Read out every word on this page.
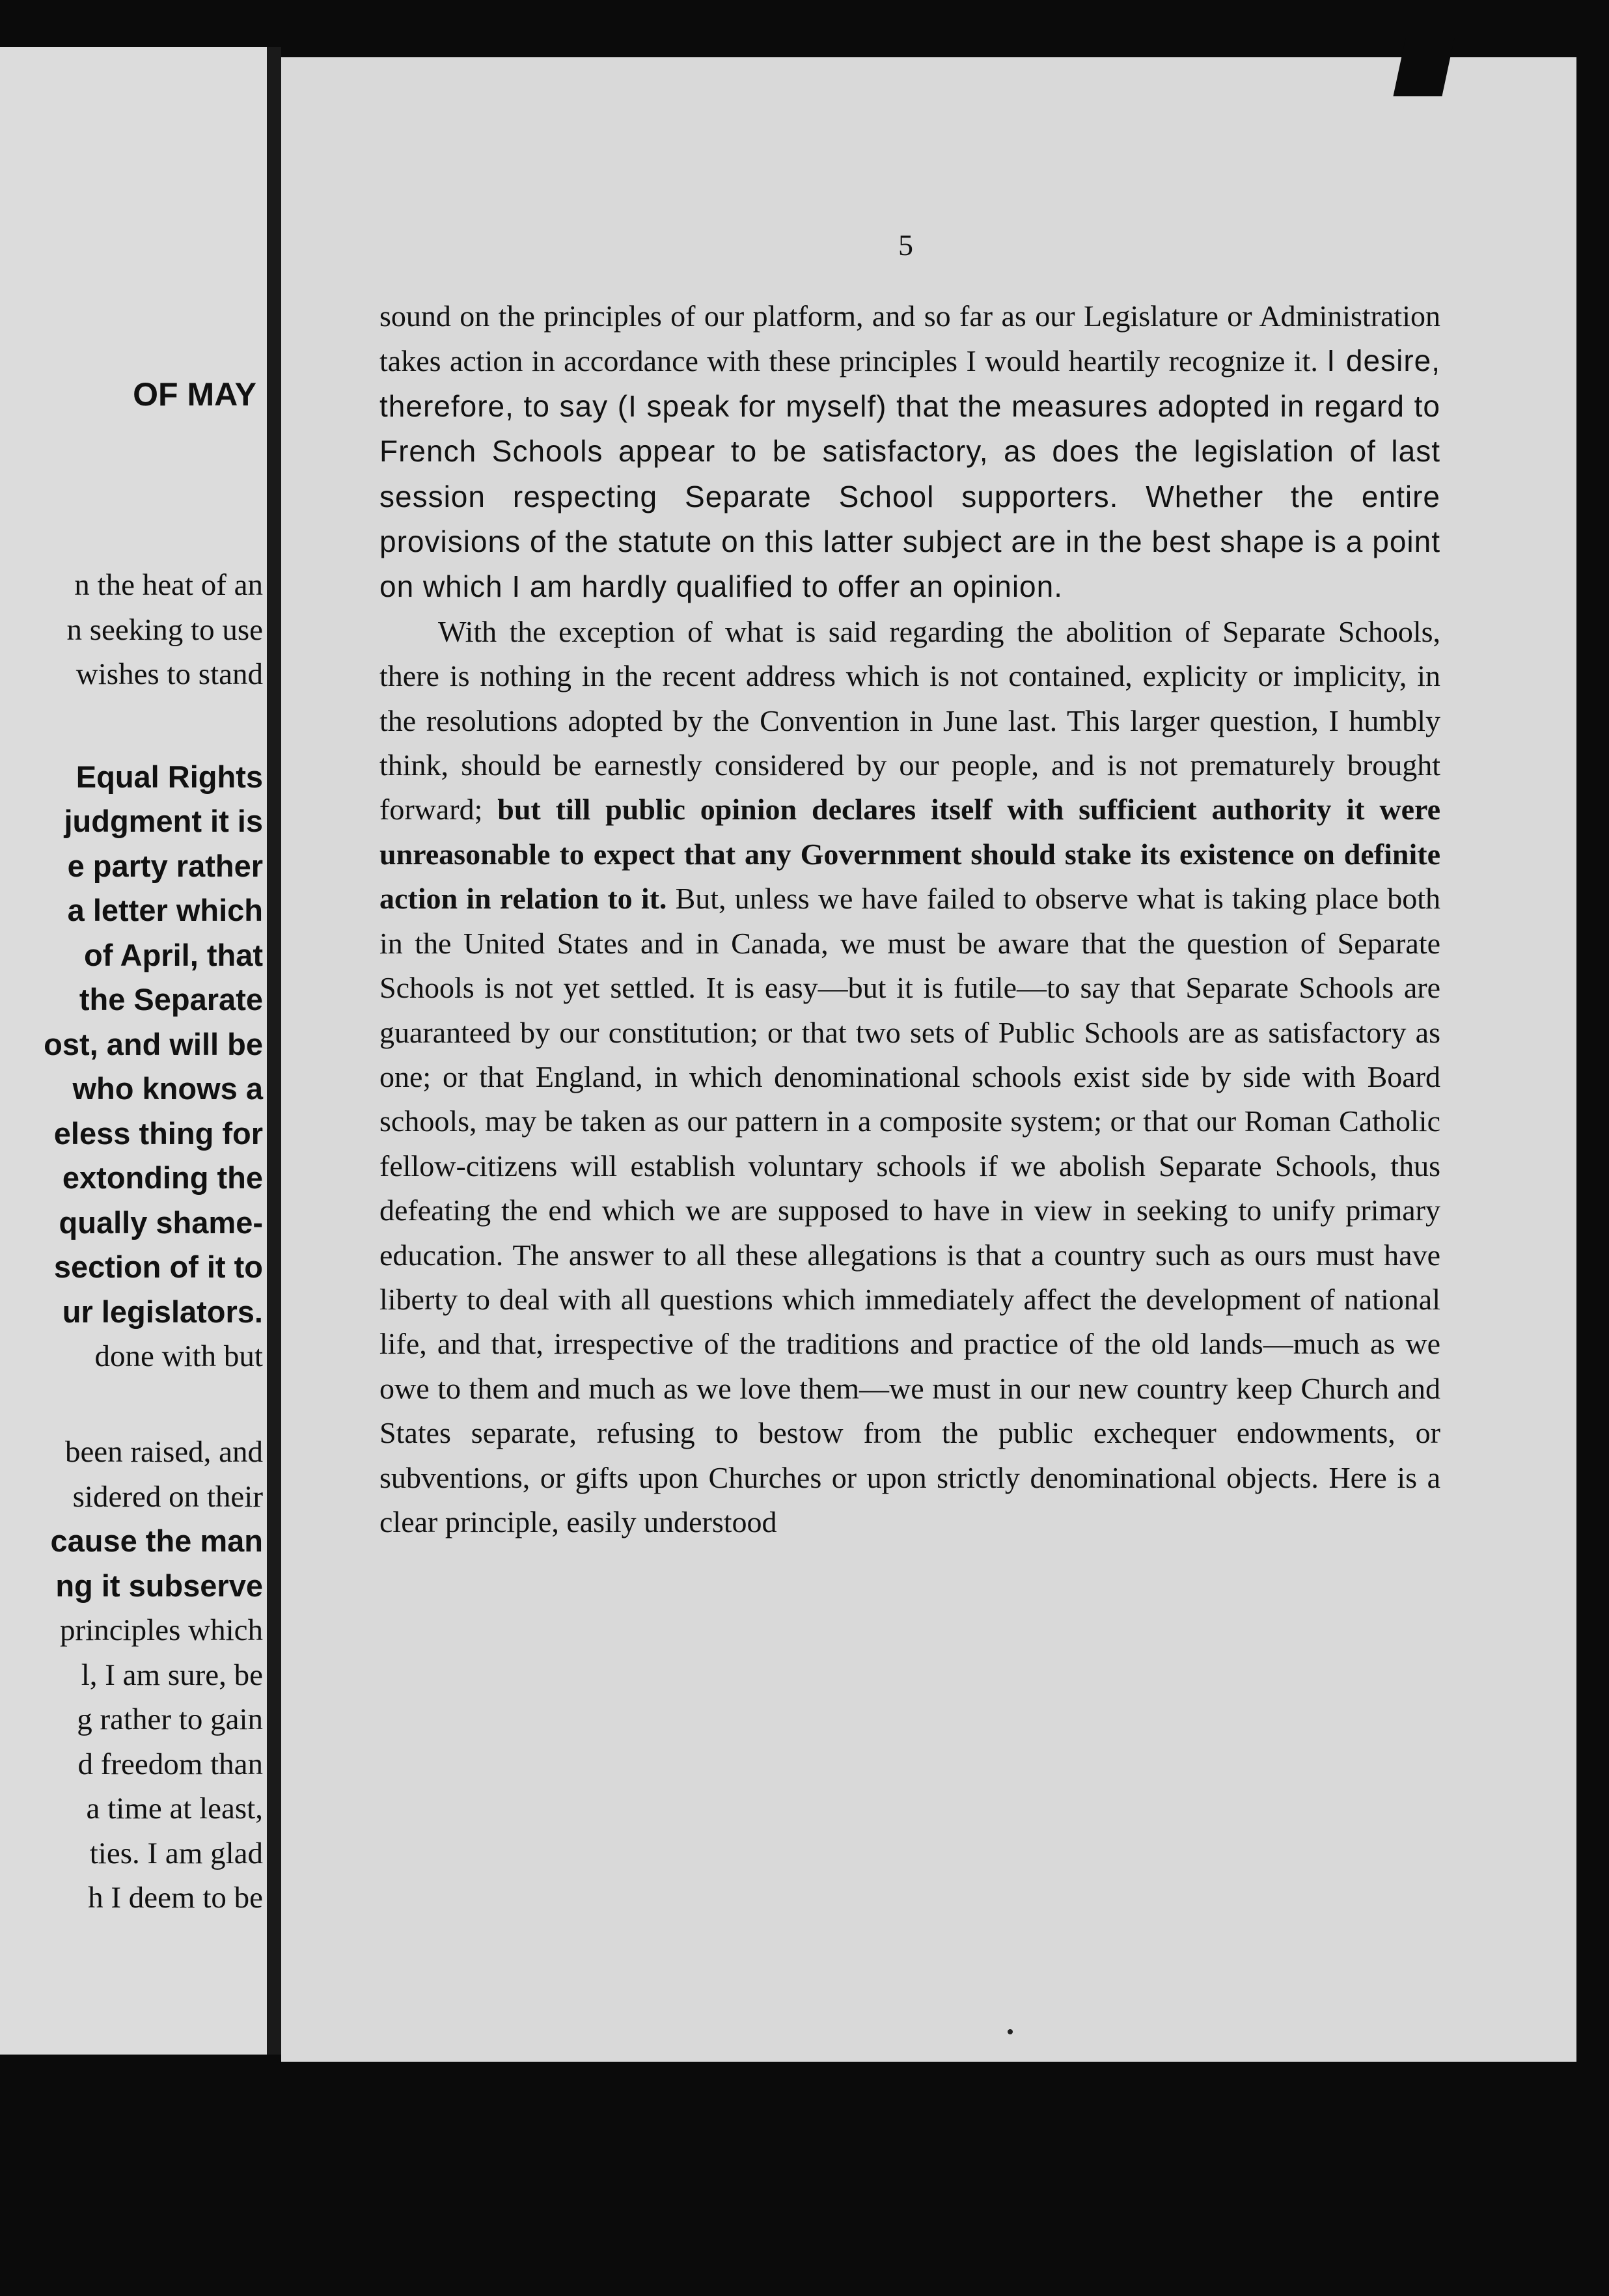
OF MAY
n the heat of an
n seeking to use
wishes to stand
Equal Rights
judgment it is
e party rather
a letter which
of April, that
the Separate
ost, and will be
who knows a
eless thing for
extonding the
qually shame-
section of it to
ur legislators.
done with but
been raised, and
sidered on their
cause the man
ng it subserve
principles which
l, I am sure, be
g rather to gain
d freedom than
a time at least,
ties. I am glad
h I deem to be
5

sound on the principles of our platform, and so far as our Legislature or Administration takes action in accordance with these principles I would heartily recognize it. I desire, therefore, to say (I speak for myself) that the measures adopted in regard to French Schools appear to be satisfactory, as does the legislation of last session respecting Separate School supporters. Whether the entire provisions of the statute on this latter subject are in the best shape is a point on which I am hardly qualified to offer an opinion.

With the exception of what is said regarding the abolition of Separate Schools, there is nothing in the recent address which is not contained, explicity or implicity, in the resolutions adopted by the Convention in June last. This larger question, I humbly think, should be earnestly considered by our people, and is not prematurely brought forward; but till public opinion declares itself with sufficient authority it were unreasonable to expect that any Government should stake its existence on definite action in relation to it. But, unless we have failed to observe what is taking place both in the United States and in Canada, we must be aware that the question of Separate Schools is not yet settled. It is easy—but it is futile—to say that Separate Schools are guaranteed by our constitution; or that two sets of Public Schools are as satisfactory as one; or that England, in which denominational schools exist side by side with Board schools, may be taken as our pattern in a composite system; or that our Roman Catholic fellow-citizens will establish voluntary schools if we abolish Separate Schools, thus defeating the end which we are supposed to have in view in seeking to unify primary education. The answer to all these allegations is that a country such as ours must have liberty to deal with all questions which immediately affect the development of national life, and that, irrespective of the traditions and practice of the old lands—much as we owe to them and much as we love them—we must in our new country keep Church and States separate, refusing to bestow from the public exchequer endowments, or subventions, or gifts upon Churches or upon strictly denominational objects. Here is a clear principle, easily understood
